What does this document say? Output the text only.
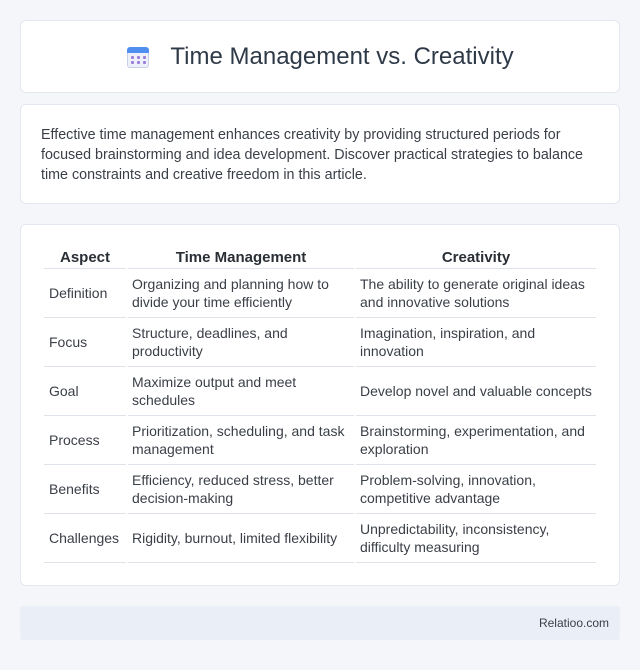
Time Management vs. Creativity

Effective time management enhances creativity by providing structured periods for focused brainstorming and idea development. Discover practical strategies to balance time constraints and creative freedom in this article.

Aspect	Time Management	Creativity
Definition	Organizing and planning how to divide your time efficiently	The ability to generate original ideas and innovative solutions
Focus	Structure, deadlines, and productivity	Imagination, inspiration, and innovation
Goal	Maximize output and meet schedules	Develop novel and valuable concepts
Process	Prioritization, scheduling, and task management	Brainstorming, experimentation, and exploration
Benefits	Efficiency, reduced stress, better decision-making	Problem-solving, innovation, competitive advantage
Challenges	Rigidity, burnout, limited flexibility	Unpredictability, inconsistency, difficulty measuring
Relatioo.com
